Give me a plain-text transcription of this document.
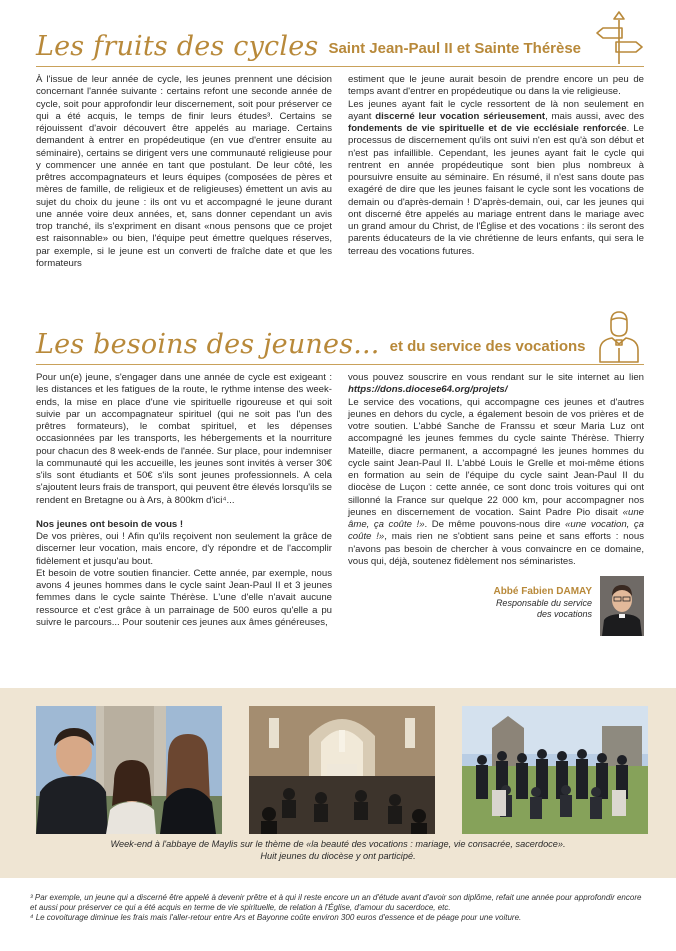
Les fruits des cycles Saint Jean-Paul II et Sainte Thérèse

À l'issue de leur année de cycle, les jeunes prennent une décision concernant l'année suivante : certains refont une seconde année de cycle, soit pour approfondir leur discernement, soit pour préserver ce qui a été acquis, le temps de finir leurs études³. Certains se réjouissent d'avoir découvert être appelés au mariage. Certains demandent à entrer en propédeutique (en vue d'entrer ensuite au séminaire), certains se dirigent vers une communauté religieuse pour y commencer une année en tant que postulant. De leur côté, les prêtres accompagnateurs et leurs équipes (composées de pères et mères de famille, de religieux et de religieuses) émettent un avis au sujet du choix du jeune : ils ont vu et accompagné le jeune durant une année voire deux années, et, sans donner cependant un avis trop tranché, ils s'expriment en disant «nous pensons que ce projet est raisonnable» ou bien, l'équipe peut émettre quelques réserves, par exemple, si le jeune est un converti de fraîche date et que les formateurs

estiment que le jeune aurait besoin de prendre encore un peu de temps avant d'entrer en propédeutique ou dans la vie religieuse.

Les jeunes ayant fait le cycle ressortent de là non seulement en ayant discerné leur vocation sérieusement, mais aussi, avec des fondements de vie spirituelle et de vie ecclésiale renforcée. Le processus de discernement qu'ils ont suivi n'en est qu'à son début et n'est pas infaillible. Cependant, les jeunes ayant fait le cycle qui rentrent en année propédeutique sont bien plus nombreux à poursuivre ensuite au séminaire. En résumé, il n'est sans doute pas exagéré de dire que les jeunes faisant le cycle sont les vocations de demain ou d'après-demain ! D'après-demain, oui, car les jeunes qui ont discerné être appelés au mariage entrent dans le mariage avec un grand amour du Christ, de l'Église et des vocations : ils seront des parents éducateurs de la vie chrétienne de leurs enfants, qui sera le terreau des vocations futures.

Les besoins des jeunes... et du service des vocations

Pour un(e) jeune, s'engager dans une année de cycle est exigeant : les distances et les fatigues de la route, le rythme intense des week-ends, la mise en place d'une vie spirituelle rigoureuse et qui soit suivie par un accompagnateur spirituel (qui ne soit pas l'un des prêtres formateurs), le combat spirituel, et les dépenses occasionnées par les transports, les hébergements et la nourriture pour chacun des 8 week-ends de l'année. Sur place, pour indemniser la communauté qui les accueille, les jeunes sont invités à verser 30€ s'ils sont étudiants et 50€ s'ils sont jeunes professionnels. A cela s'ajoutent leurs frais de transport, qui peuvent être élevés lorsqu'ils se rendent en Bretagne ou à Ars, à 800km d'ici⁴...

Nos jeunes ont besoin de vous !

De vos prières, oui ! Afin qu'ils reçoivent non seulement la grâce de discerner leur vocation, mais encore, d'y répondre et de l'accomplir fidèlement et jusqu'au bout.

Et besoin de votre soutien financier. Cette année, par exemple, nous avons 4 jeunes hommes dans le cycle saint Jean-Paul II et 3 jeunes femmes dans le cycle sainte Thérèse. L'une d'elle n'avait aucune ressource et c'est grâce à un parrainage de 500 euros qu'elle a pu suivre le parcours... Pour soutenir ces jeunes aux âmes généreuses,

vous pouvez souscrire en vous rendant sur le site internet au lien https://dons.diocese64.org/projets/

Le service des vocations, qui accompagne ces jeunes et d'autres jeunes en dehors du cycle, a également besoin de vos prières et de votre soutien. L'abbé Sanche de Franssu et sœur Maria Luz ont accompagné les jeunes femmes du cycle sainte Thérèse. Thierry Mateille, diacre permanent, a accompagné les jeunes hommes du cycle saint Jean-Paul II. L'abbé Louis le Grelle et moi-même étions en formation au sein de l'équipe du cycle saint Jean-Paul II du diocèse de Luçon : cette année, ce sont donc trois voitures qui ont sillonné la France sur quelque 22 000 km, pour accompagner nos jeunes en discernement de vocation. Saint Padre Pio disait «une âme, ça coûte !». De même pouvons-nous dire «une vocation, ça coûte !», mais rien ne s'obtient sans peine et sans efforts : nous n'avons pas besoin de chercher à vous convaincre en ce domaine, vous qui, déjà, soutenez fidèlement nos séminaristes.

Abbé Fabien DAMAY
Responsable du service
des vocations
Week-end à l'abbaye de Maylis sur le thème de «la beauté des vocations : mariage, vie consacrée, sacerdoce».
Huit jeunes du diocèse y ont participé.

³ Par exemple, un jeune qui a discerné être appelé à devenir prêtre et à qui il reste encore un an d'étude avant d'avoir son diplôme, refait une année pour approfondir encore et aussi pour préserver ce qui a été acquis en terme de vie spirituelle, de relation à l'Église, d'amour du sacerdoce, etc.

⁴ Le covoiturage diminue les frais mais l'aller-retour entre Ars et Bayonne coûte environ 300 euros d'essence et de péage pour une voiture.
